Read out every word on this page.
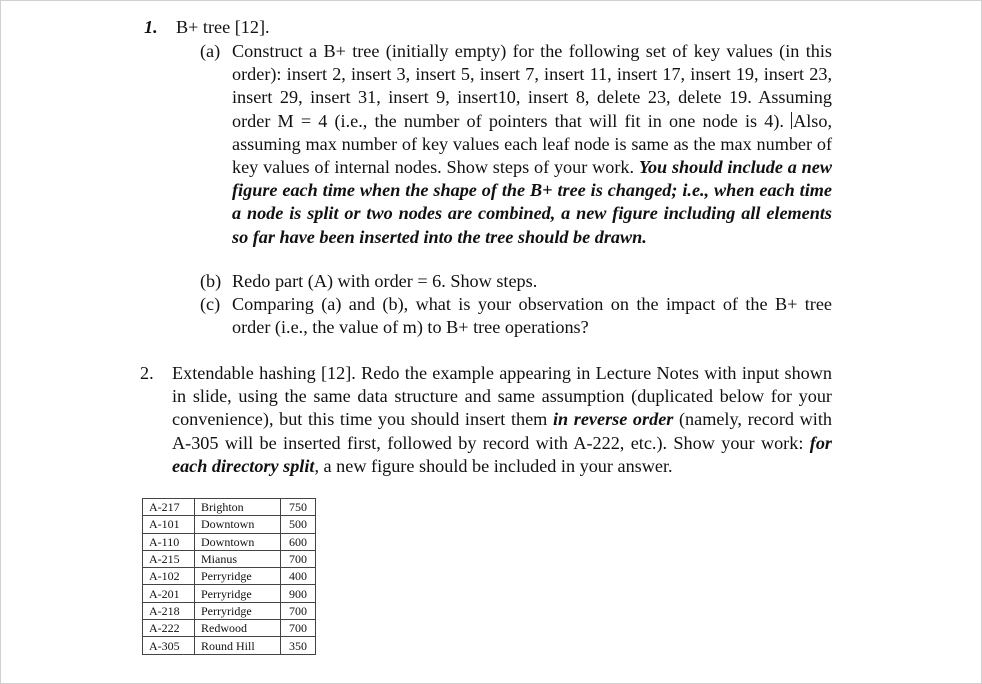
1. B+ tree [12].
(a) Construct a B+ tree (initially empty) for the following set of key values (in this order): insert 2, insert 3, insert 5, insert 7, insert 11, insert 17, insert 19, insert 23, insert 29, insert 31, insert 9, insert10, insert 8, delete 23, delete 19. Assuming order M = 4 (i.e., the number of pointers that will fit in one node is 4). Also, assuming max number of key values each leaf node is same as the max number of key values of internal nodes. Show steps of your work. You should include a new figure each time when the shape of the B+ tree is changed; i.e., when each time a node is split or two nodes are combined, a new figure including all elements so far have been inserted into the tree should be drawn.
(b) Redo part (A) with order = 6. Show steps.
(c) Comparing (a) and (b), what is your observation on the impact of the B+ tree order (i.e., the value of m) to B+ tree operations?
2. Extendable hashing [12]. Redo the example appearing in Lecture Notes with input shown in slide, using the same data structure and same assumption (duplicated below for your convenience), but this time you should insert them in reverse order (namely, record with A-305 will be inserted first, followed by record with A-222, etc.). Show your work: for each directory split, a new figure should be included in your answer.
A-217	Brighton	750
A-101	Downtown	500
A-110	Downtown	600
A-215	Mianus	700
A-102	Perryridge	400
A-201	Perryridge	900
A-218	Perryridge	700
A-222	Redwood	700
A-305	Round Hill	350
